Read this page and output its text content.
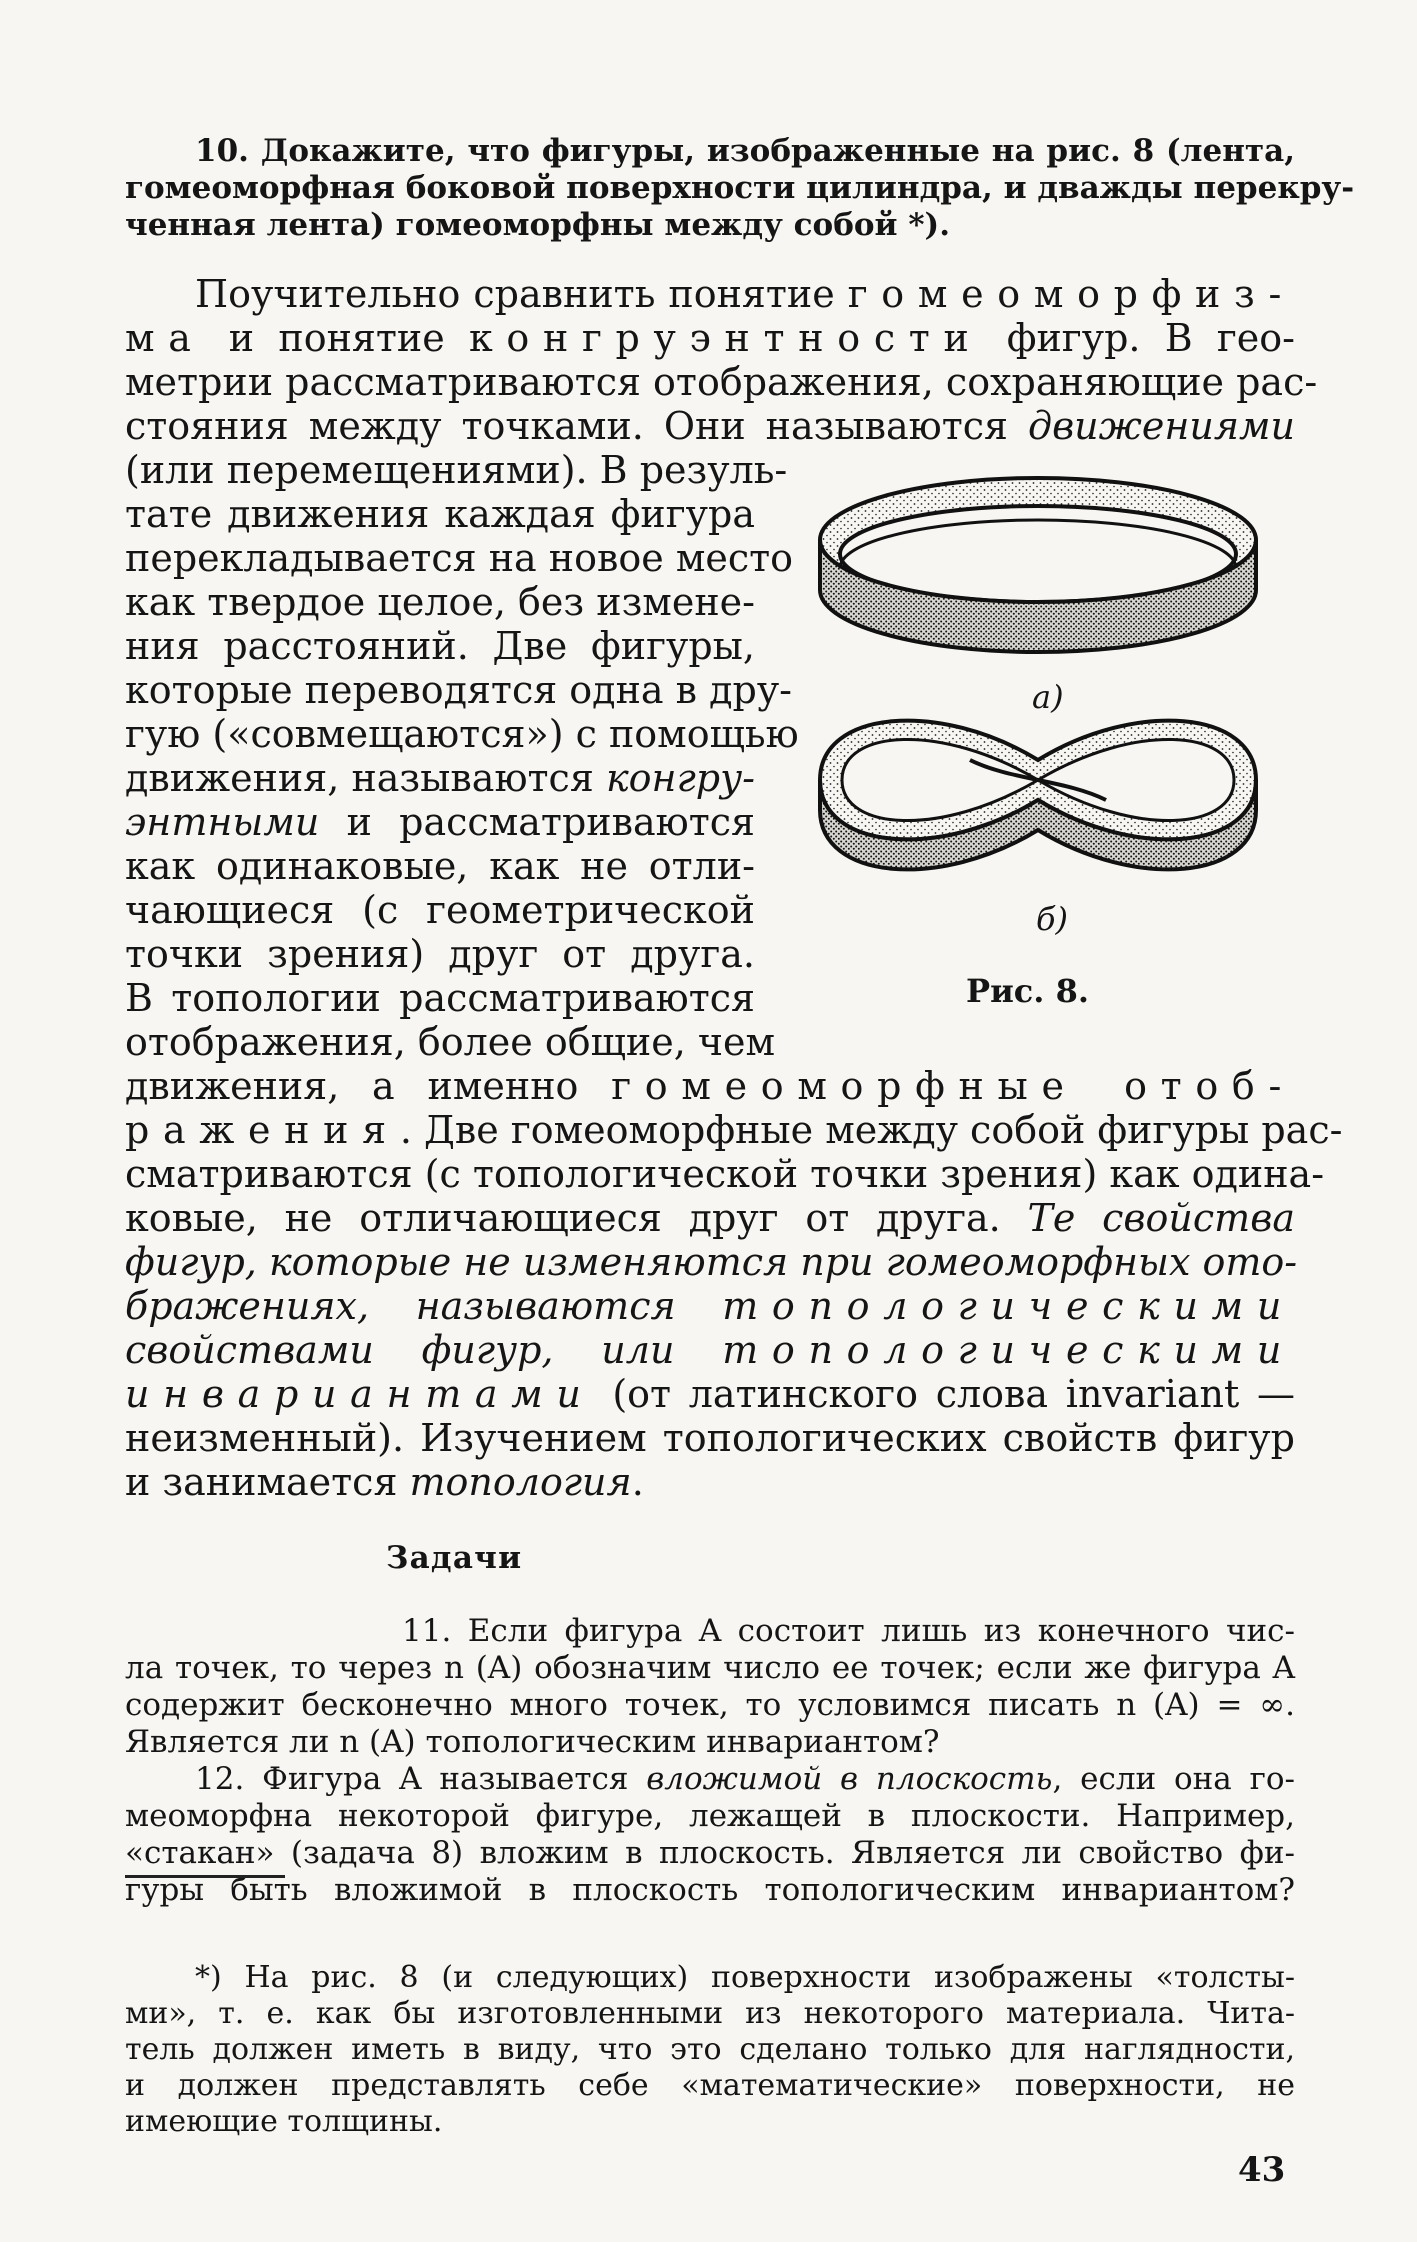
10. Докажите, что фигуры, изображенные на рис. 8 (лента,

гомеоморфная боковой поверхности цилиндра, и дважды перекру-

ченная лента) гомеоморфны между собой *).

Поучительно сравнить понятие гомеоморфиз-

ма и понятие конгруэнтности фигур. В гео-

метрии рассматриваются отображения, сохраняющие рас-

стояния между точками. Они называются движениями

(или перемещениями). В резуль-

тате движения каждая фигура

перекладывается на новое место

как твердое целое, без измене-

ния расстояний. Две фигуры,

которые переводятся одна в дру-

гую («совмещаются») с помощью

движения, называются конгру-

энтными и рассматриваются

как одинаковые, как не отли-

чающиеся (с геометрической

точки зрения) друг от друга.

В топологии рассматриваются

отображения, более общие, чем

движения, а именно гомеоморфные отоб-

ражения. Две гомеоморфные между собой фигуры рас-

сматриваются (с топологической точки зрения) как одина-

ковые, не отличающиеся друг от друга. Те свойства

фигур, которые не изменяются при гомеоморфных ото-

бражениях, называются топологическими

свойствами фигур, или топологическими

инвариантами (от латинского слова invariant —

неизменный). Изучением топологических свойств фигур

и занимается топология.

а)
б)
Рис. 8.
Задачи

11. Если фигура A состоит лишь из конечного чис-

ла точек, то через n (A) обозначим число ее точек; если же фигура A

содержит бесконечно много точек, то условимся писать n (A) = ∞.

Является ли n (A) топологическим инвариантом?

12. Фигура A называется вложимой в плоскость, если она го-

меоморфна некоторой фигуре, лежащей в плоскости. Например,

«стакан» (задача 8) вложим в плоскость. Является ли свойство фи-

гуры быть вложимой в плоскость топологическим инвариантом?

*) На рис. 8 (и следующих) поверхности изображены «толсты-

ми», т. е. как бы изготовленными из некоторого материала. Чита-

тель должен иметь в виду, что это сделано только для наглядности,

и должен представлять себе «математические» поверхности, не

имеющие толщины.

43
